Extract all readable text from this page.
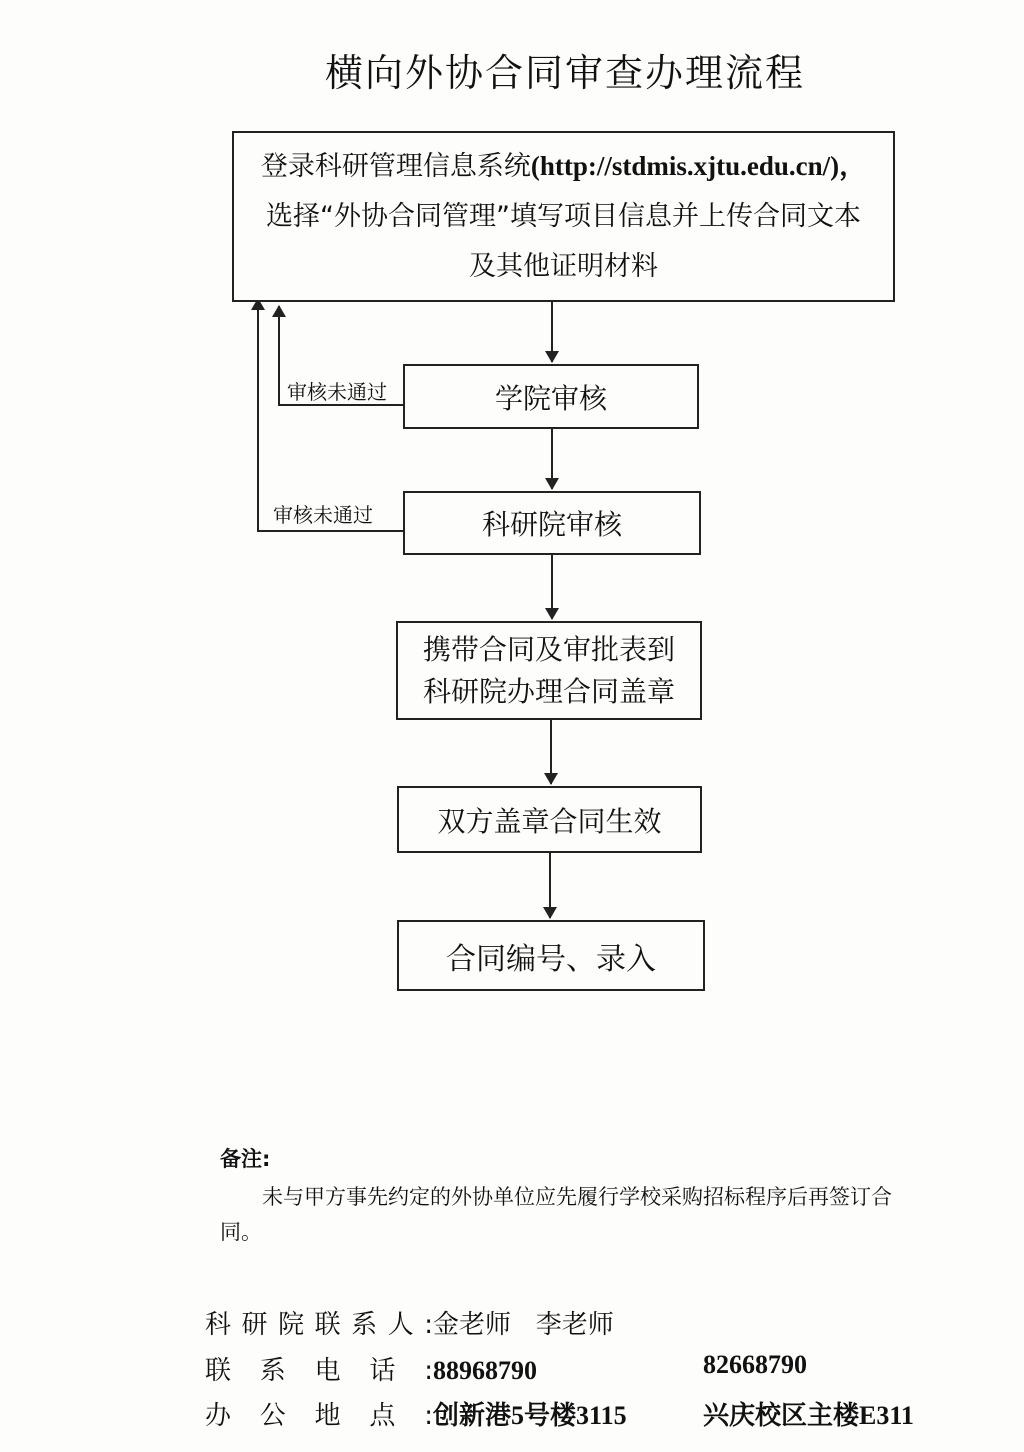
横向外协合同审查办理流程
登录科研管理信息系统(http://stdmis.xjtu.edu.cn/)，
选择“外协合同管理”填写项目信息并上传合同文本
及其他证明材料
审核未通过
审核未通过
学院审核
科研院审核
携带合同及审批表到
科研院办理合同盖章
双方盖章合同生效
合同编号、录入
备注:
未与甲方事先约定的外协单位应先履行学校采购招标程序后再签订合同。
科研院联系人:金老师   李老师
联系电话:88968790	82668790
办公地点:创新港5号楼3115	兴庆校区主楼E311
